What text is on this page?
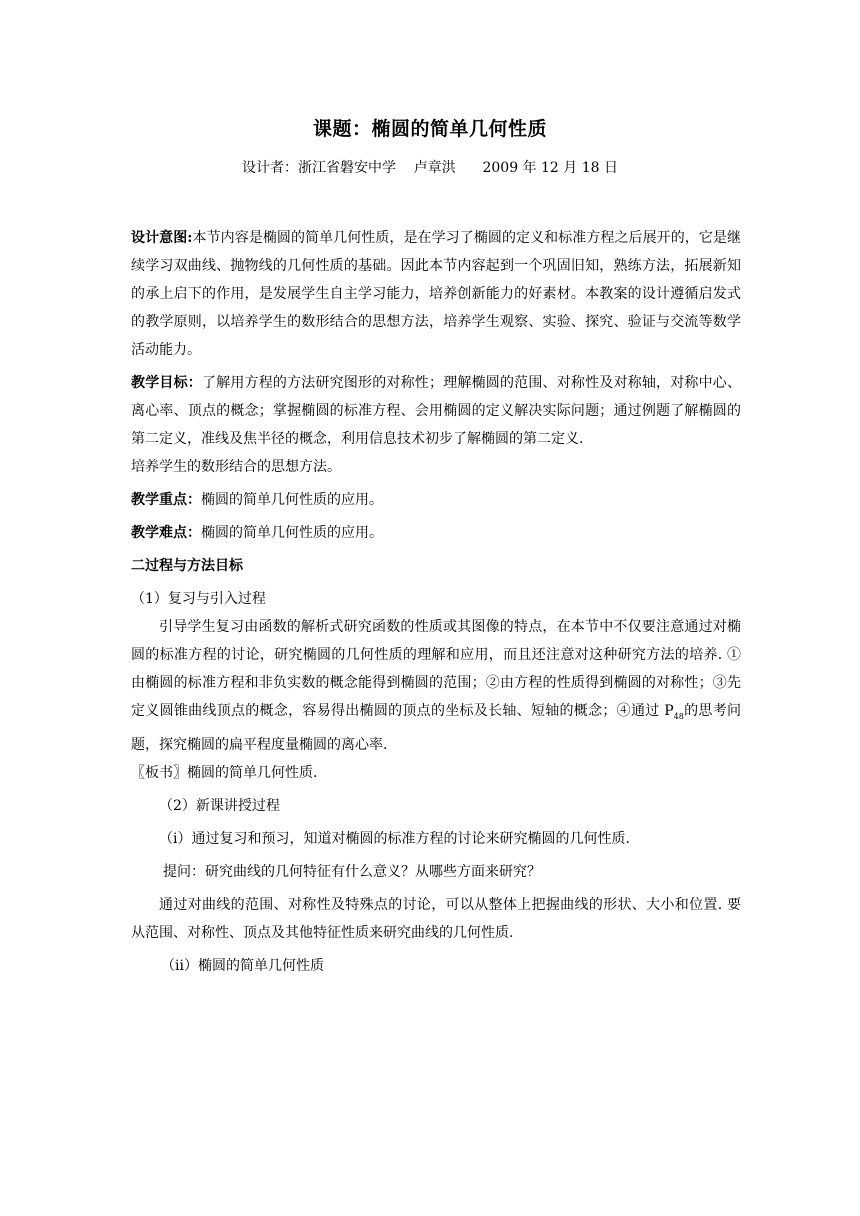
课题：椭圆的简单几何性质
设计者：浙江省磐安中学    卢章洪      2009 年 12 月 18 日

设计意图:本节内容是椭圆的简单几何性质，是在学习了椭圆的定义和标准方程之后展开的，它是继续学习双曲线、抛物线的几何性质的基础。因此本节内容起到一个巩固旧知，熟练方法，拓展新知的承上启下的作用，是发展学生自主学习能力，培养创新能力的好素材。本教案的设计遵循启发式的教学原则，以培养学生的数形结合的思想方法，培养学生观察、实验、探究、验证与交流等数学活动能力。

教学目标：了解用方程的方法研究图形的对称性；理解椭圆的范围、对称性及对称轴，对称中心、离心率、顶点的概念；掌握椭圆的标准方程、会用椭圆的定义解决实际问题；通过例题了解椭圆的第二定义，准线及焦半径的概念，利用信息技术初步了解椭圆的第二定义.

培养学生的数形结合的思想方法。

教学重点：椭圆的简单几何性质的应用。

教学难点：椭圆的简单几何性质的应用。

二过程与方法目标

（1）复习与引入过程

引导学生复习由函数的解析式研究函数的性质或其图像的特点，在本节中不仅要注意通过对椭圆的标准方程的讨论，研究椭圆的几何性质的理解和应用，而且还注意对这种研究方法的培养. ①由椭圆的标准方程和非负实数的概念能得到椭圆的范围；②由方程的性质得到椭圆的对称性；③先定义圆锥曲线顶点的概念，容易得出椭圆的顶点的坐标及长轴、短轴的概念；④通过 $P_{48}$的思考问题，探究椭圆的扁平程度量椭圆的离心率.

〖板书〗椭圆的简单几何性质.

（2）新课讲授过程

（i）通过复习和预习，知道对椭圆的标准方程的讨论来研究椭圆的几何性质.

提问：研究曲线的几何特征有什么意义？从哪些方面来研究？

通过对曲线的范围、对称性及特殊点的讨论，可以从整体上把握曲线的形状、大小和位置. 要从范围、对称性、顶点及其他特征性质来研究曲线的几何性质.

（ii）椭圆的简单几何性质
